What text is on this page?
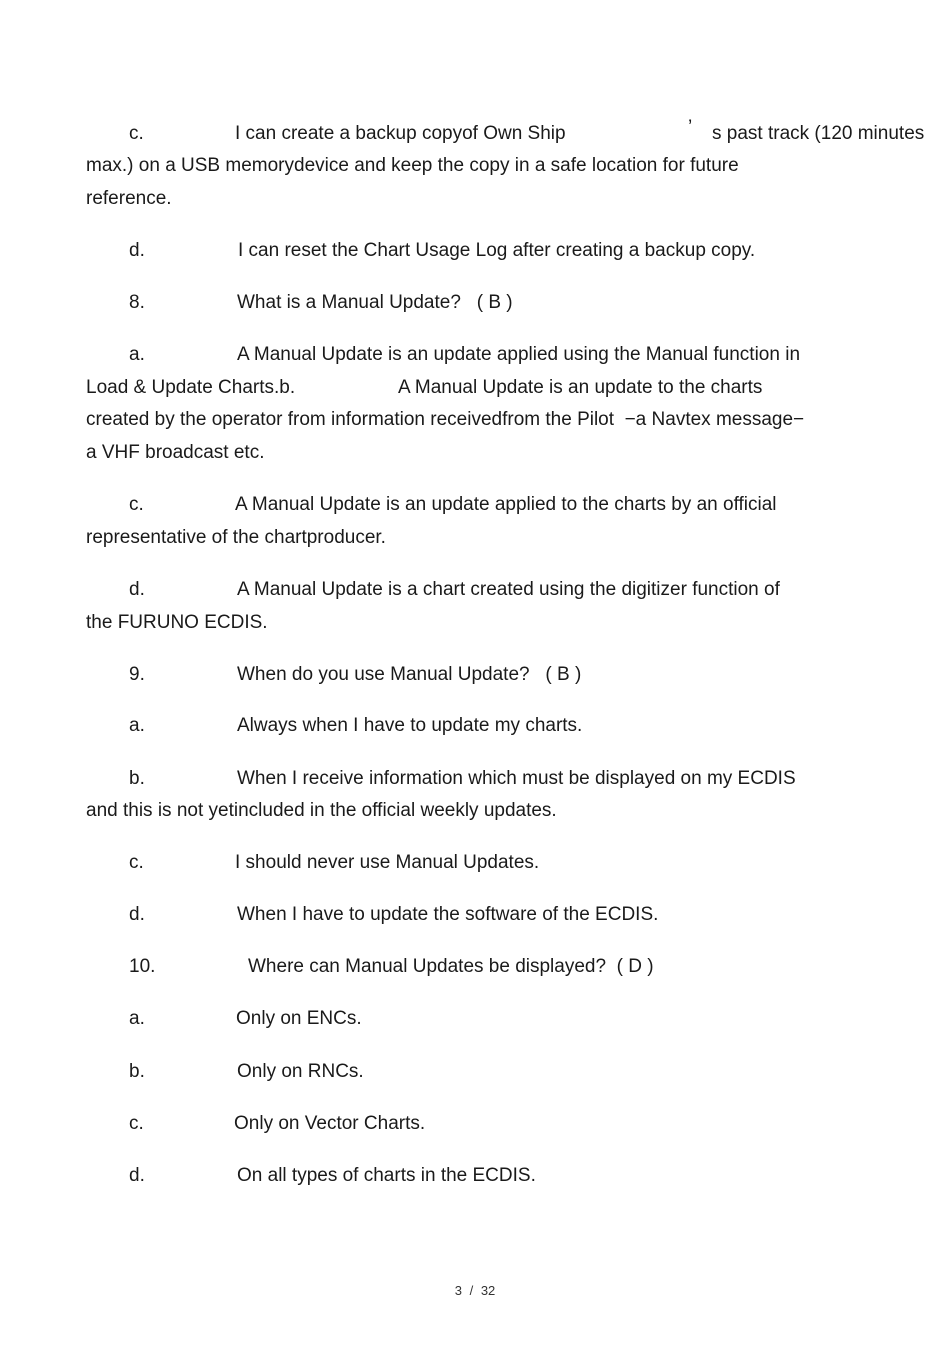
c.	I can create a backup copyof Own Ship	’ s past track (120 minutes
max.) on a USB memorydevice and keep the copy in a safe location for future
reference.
d.	I can reset the Chart Usage Log after creating a backup copy.
8.	What is a Manual Update?   ( B )
a.	A Manual Update is an update applied using the Manual function in
Load & Update Charts.b.	A Manual Update is an update to the charts
created by the operator from information receivedfrom the Pilot  −a Navtex message−
a VHF broadcast etc.
c.	A Manual Update is an update applied to the charts by an official
representative of the chartproducer.
d.	A Manual Update is a chart created using the digitizer function of
the FURUNO ECDIS.
9.	When do you use Manual Update?   ( B )
a.	Always when I have to update my charts.
b.	When I receive information which must be displayed on my ECDIS
and this is not yetincluded in the official weekly updates.
c.	I should never use Manual Updates.
d.	When I have to update the software of the ECDIS.
10.	Where can Manual Updates be displayed?  ( D )
a.	Only on ENCs.
b.	Only on RNCs.
c.	Only on Vector Charts.
d.	On all types of charts in the ECDIS.
3 / 32
